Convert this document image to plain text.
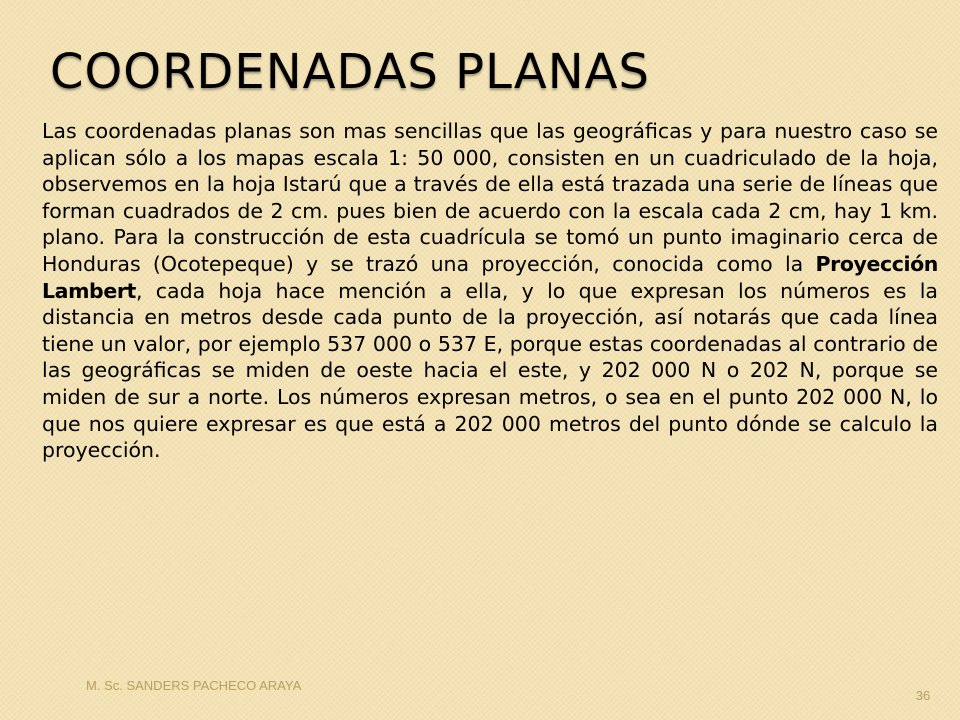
COORDENADAS PLANAS

Las coordenadas planas son mas sencillas que las geográficas y para nuestro caso se aplican sólo a los mapas escala 1: 50 000, consisten en un cuadriculado de la hoja, observemos en la hoja Istarú que a través de ella está trazada una serie de líneas que forman cuadrados de 2 cm. pues bien de acuerdo con la escala cada 2 cm, hay 1 km. plano. Para la construcción de esta cuadrícula se tomó un punto imaginario cerca de Honduras (Ocotepeque) y se trazó una proyección, conocida como la Proyección Lambert, cada hoja hace mención a ella, y lo que expresan los números es la distancia en metros desde cada punto de la proyección, así notarás que cada línea tiene un valor, por ejemplo 537 000 o 537 E, porque estas coordenadas al contrario de las geográficas se miden de oeste hacia el este, y 202 000 N o 202 N, porque se miden de sur a norte. Los números expresan metros, o sea en el punto 202 000 N, lo que nos quiere expresar es que está a 202 000 metros del punto dónde se calculo la proyección.

M. Sc. SANDERS PACHECO ARAYA
36
